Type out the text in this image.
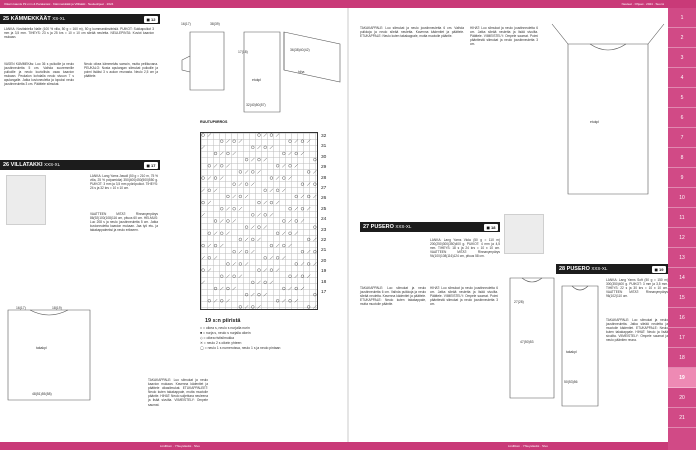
Oikein kaunis Pir-mm & Paratanssi · Kämmekkäät ja Villitakki · Neuleohjeet · 2024	Neuleet · Ohjeet · 2024 · Suomi
1
2
3
4
5
6
7
8
9
10
11
12
13
14
15
16
17
18
19
20
21
25 KÄMMEKKÄÄT XS-XL	◼ 12
LANKA: Novitabiella Nalle (100 % villa, 50 g = 160 m), 50 g kummankinvärisiä. PUIKOT: Sukkapuikot 3 mm ja 3,5 mm. TIHEYS: 23 s ja 25 krs = 10 x 10 cm sileää neuletta. NEULEPINTA: Kuviot kaavion mukaan.
VASEN KÄMMEKäs: Luo 36 s puikoille ja neulo joustinneuletta 5 cm. Vaihda suuremmille puikoille ja neulo kuviollista osaa kaavion mukaan. Peukalon kohdalla neulo sivuun 7 s apulangalle. Jatka kuvioneuletta ja lopuksi neulo joustinneuletta 3 cm. Päättele silmukat.
Neulo oikea kämmekäs samoin, mutta peilikuvana. PEUKALO: Nosta apulangan silmukat puikoille ja poimi lisäksi 3 s aukon reunasta. Neulo 2,5 cm ja päättele.
16(17)	38(39)
17(18)	36(38)40(42)
hiha
etukpl
32(40)50(57)
26 VILLATAKKI XXS-XL	◼ 17
LANKA: Lang Yarns Jawoll (50 g = 210 m, 75 % villa, 25 % polyamidia) 350(400)450(500)550 g. PUIKOT: 3 mm ja 3,5 mm pyöröpuikot. TIHEYS: 24 s ja 32 krs = 10 x 10 cm.
VAATTEEN MITAT: Rinnanympärys 86(92)100(108)116 cm, pituus 60 cm. HELMUS: Luo 208 s ja neulo joustinneuletta 5 cm. Jatka kuvioneuletta kaavion mukaan. Jaa työ etu- ja takakappaleeksi ja neulo erikseen.
TAKAKAPPALE: Luo silmukat ja neulo kaavion mukaan. Kavenna kädentiet ja päättele olkasilmukat. ETUKAPPALEET: Neulo kuten takakappale, mutta muotoile pääntie. HIHAT: Neulo suljettuna neuleena ja lisää sivuilta. VIIMEISTELY: Ompele saumat.
takakpl
48(51)55(58)
16(17)	18(19)
RUUTUPIIRROS
32
31
30
29
28
27
26
25
24
23
22
21
20
19
18
17
19 s:n piiristä
□ = oikea s, neulo s nurjalla nurin
■ = nurja s, neulo s nurjalla oikein
◇ = oikea ristisilmukka
✕ = neulo 2 s oikein yhteen
◯ = neulo 1 s numeroissa, neulo 1 s ja neulo pintaan
TAKAKAPPALE: Luo silmukat ja neulo joustinneuletta 6 cm. Vaihda puikkoja ja neulo sileää neuletta. Kavenna kädentiet ja päättele. ETUKAPPALE: Neulo kuten takakappale, mutta muotoile pääntie.
HIHAT: Luo silmukat ja neulo joustinneuletta 6 cm. Jatka sileää neuletta ja lisää sivuilta. Päättele. VIIMEISTELY: Ompele saumat. Poimi pääntiestä silmukat ja neulo joustinneuletta 3 cm.
etukpl
27 PUSERO XXS-XL	◼ 18
LANKA: Lang Yarns Viola (50 g = 110 m) 200(250)300(350)400 g. PUIKOT: 4 mm ja 4,5 mm. TIHEYS: 18 s ja 24 krs = 10 x 10 cm. VAATTEEN MITAT: Rinnanympärys 94(100)108(116)124 cm, pituus 58 cm.
TAKAKAPPALE: Luo silmukat ja neulo joustinneuletta 6 cm. Vaihda puikkoja ja neulo sileää neuletta. Kavenna kädentiet ja päättele. ETUKAPPALE: Neulo kuten takakappale, mutta muotoile pääntie.
HIHAT: Luo silmukat ja neulo joustinneuletta 6 cm. Jatka sileää neuletta ja lisää sivuilta. Päättele. VIIMEISTELY: Ompele saumat. Poimi pääntiestä silmukat ja neulo joustinneuletta 3 cm.
47(50)53
27(28)
28 PUSERO XXS-XL	◼ 19
takakpl
50(53)56
LANKA: Lang Yarns Soft (50 g = 150 m) 300(350)400 g. PUIKOT: 3 mm ja 3,5 mm. TIHEYS: 22 s ja 30 krs = 10 x 10 cm. VAATTEEN MITAT: Rinnanympärys 96(102)110 cm.
TAKAKAPPALE: Luo silmukat ja neulo joustinneuletta. Jatka sileää neuletta ja muotoile kädentiet. ETUKAPPALE: Neulo kuten takakappale. HIHAT: Neulo ja lisää sivuilta. VIIMEISTELY: Ompele saumat ja neulo pääntien reuna.
Lindblom · Yhteystiedot · Sivu	Lindblom · Yhteystiedot · Sivu
